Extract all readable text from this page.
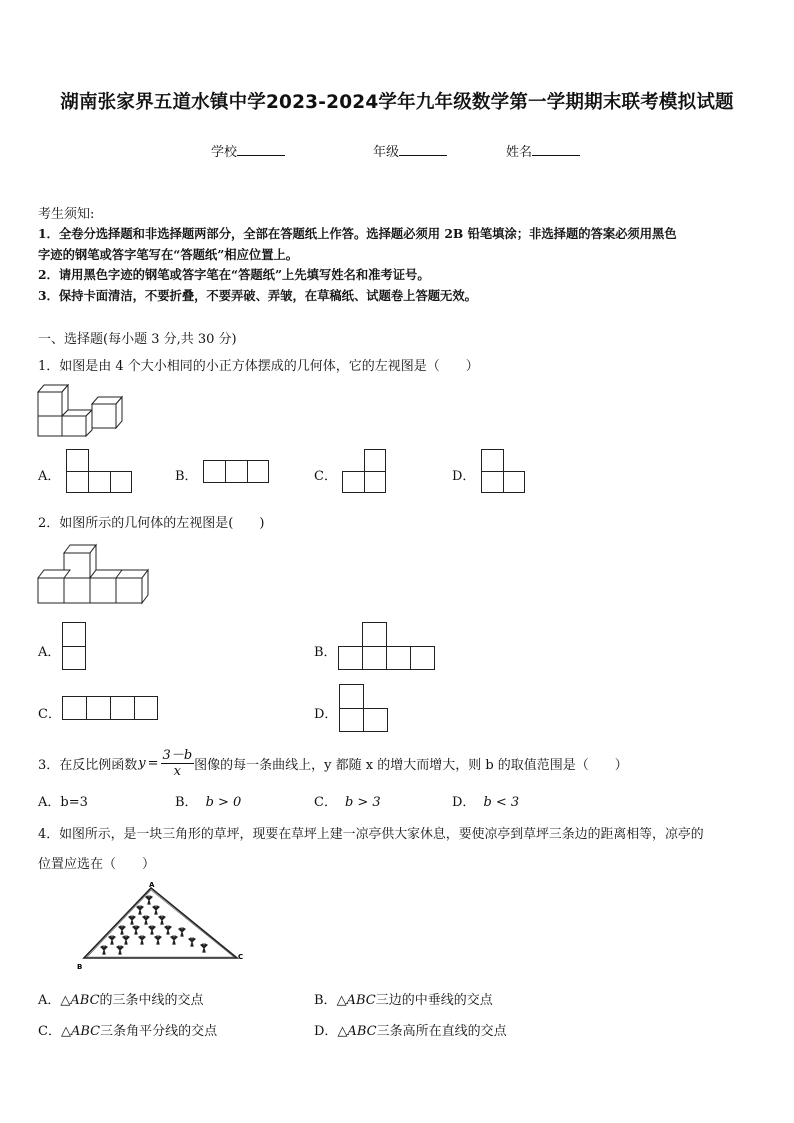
湖南张家界五道水镇中学2023-2024学年九年级数学第一学期期末联考模拟试题
学校	年级	姓名
考生须知:
1．全卷分选择题和非选择题两部分，全部在答题纸上作答。选择题必须用 2B 铅笔填涂；非选择题的答案必须用黑色
字迹的钢笔或答字笔写在“答题纸”相应位置上。
2．请用黑色字迹的钢笔或答字笔在“答题纸”上先填写姓名和准考证号。
3．保持卡面清洁，不要折叠，不要弄破、弄皱，在草稿纸、试题卷上答题无效。
一、选择题(每小题 3 分,共 30 分)
1．如图是由 4 个大小相同的小正方体摆成的几何体，它的左视图是（　　）
A．	B．	C．	D．
2．如图所示的几何体的左视图是(　　)
A．	B．
C．	D．
3．在反比例函数 $y = \frac{3-b}{x}$ 图像的每一条曲线上，y 都随 x 的增大而增大，则 b 的取值范围是（　　）
A．b=3	B． b > 0	C． b > 3	D． b < 3
4．如图所示，是一块三角形的草坪，现要在草坪上建一凉亭供大家休息，要使凉亭到草坪三条边的距离相等，凉亭的
位置应选在（　　）
A
B
C
A．△ABC的三条中线的交点	B．△ABC三边的中垂线的交点
C．△ABC三条角平分线的交点	D．△ABC三条高所在直线的交点
